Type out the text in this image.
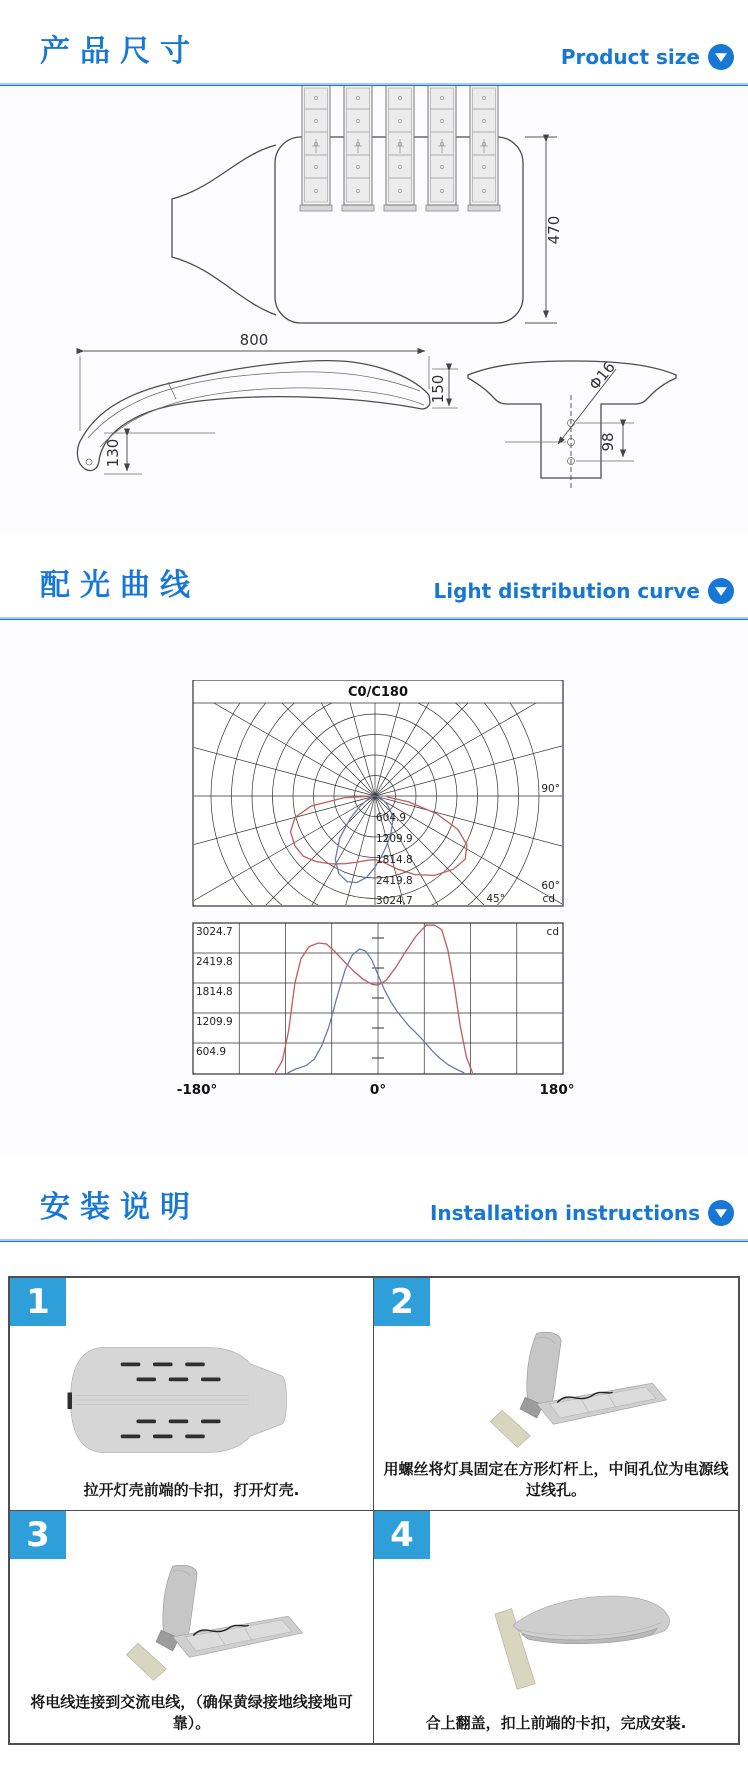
产品尺寸	Product size
470
800
150
130
Φ16
98
配光曲线	Light distribution curve
C0/C180
604.9
1209.9
1814.8
2419.8
3024.7
90°
60°
45°	cd
3024.7
2419.8
1814.8
1209.9
604.9
cd
-180°	0°	180°
安装说明	Installation instructions
1
拉开灯壳前端的卡扣，打开灯壳.
2
用螺丝将灯具固定在方形灯杆上，中间孔位为电源线过线孔。
3
将电线连接到交流电线，（确保黄绿接地线接地可靠）。
4
合上翻盖，扣上前端的卡扣，完成安装.
